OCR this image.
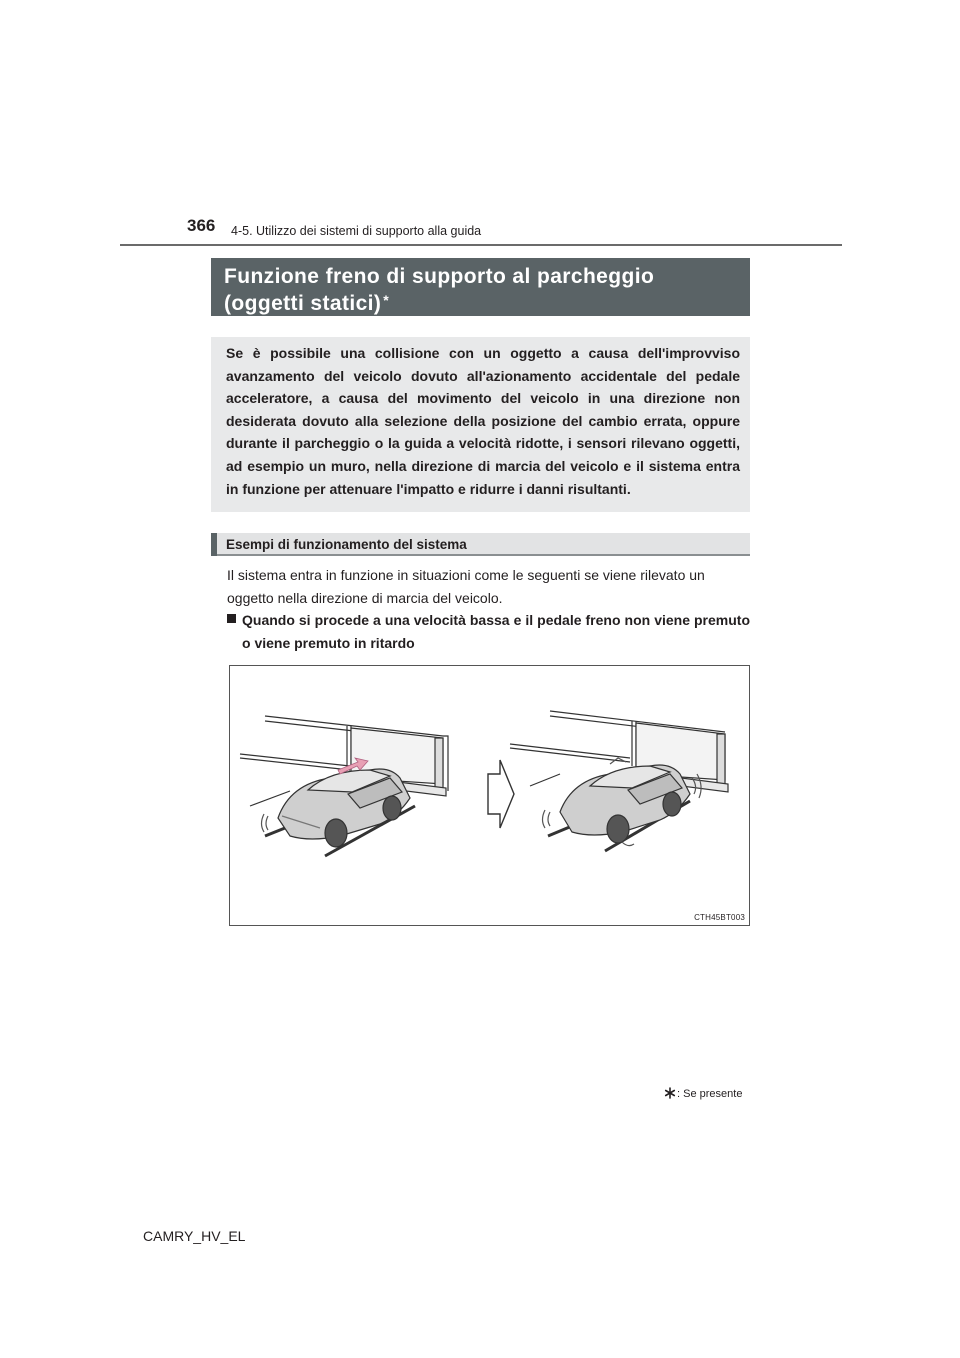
366 4-5. Utilizzo dei sistemi di supporto alla guida
Funzione freno di supporto al parcheggio
(oggetti statici) *

Se è possibile una collisione con un oggetto a causa dell'improvviso avanzamento del veicolo dovuto all'azionamento accidentale del pedale acceleratore, a causa del movimento del veicolo in una direzione non desiderata dovuto alla selezione della posizione del cambio errata, oppure durante il parcheggio o la guida a velocità ridotte, i sensori rilevano oggetti, ad esempio un muro, nella direzione di marcia del veicolo e il sistema entra in funzione per attenuare l'impatto e ridurre i danni risultanti.

Esempi di funzionamento del sistema
Il sistema entra in funzione in situazioni come le seguenti se viene rilevato un oggetto nella direzione di marcia del veicolo.
Quando si procede a una velocità bassa e il pedale freno non viene premuto o viene premuto in ritardo
CTH45BT003
: Se presente
CAMRY_HV_EL
